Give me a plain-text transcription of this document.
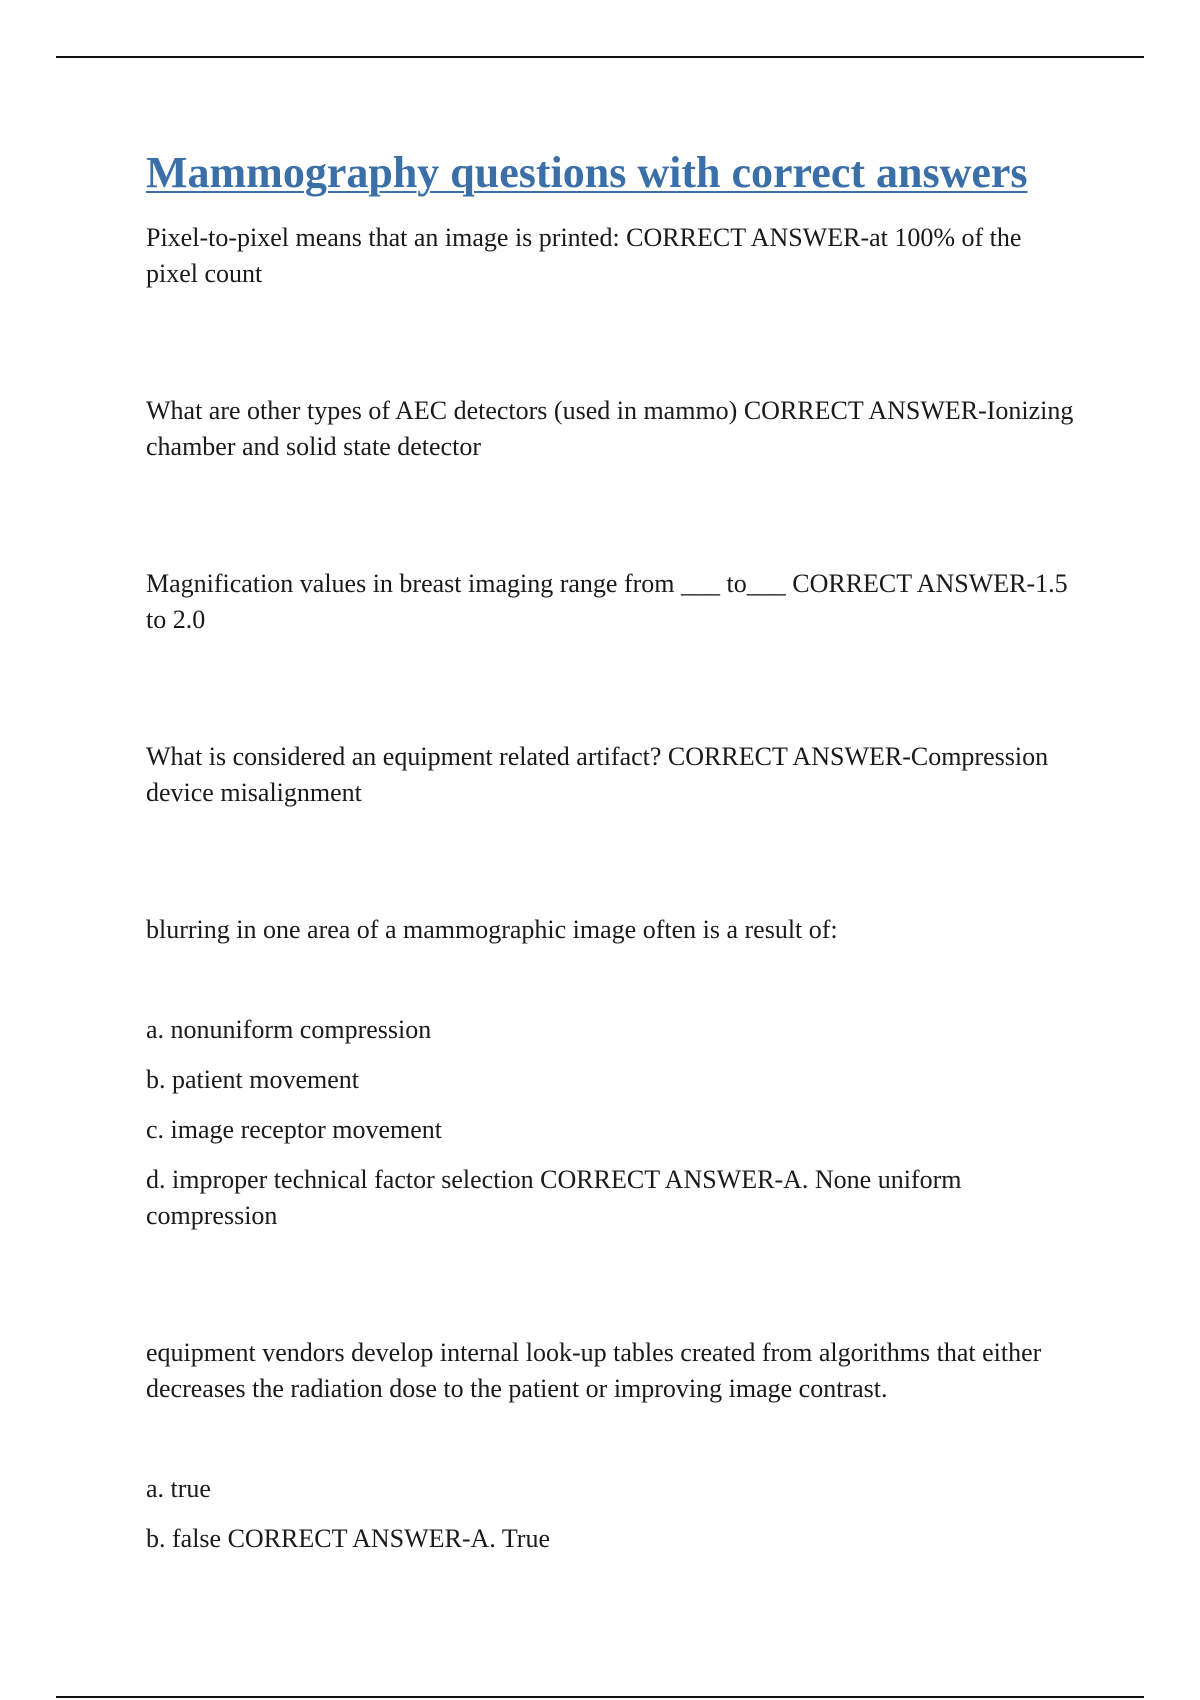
Mammography questions with correct answers

Pixel-to-pixel means that an image is printed: CORRECT ANSWER-at 100% of the pixel count

What are other types of AEC detectors (used in mammo) CORRECT ANSWER-Ionizing chamber and solid state detector

Magnification values in breast imaging range from ___ to___ CORRECT ANSWER-1.5 to 2.0

What is considered an equipment related artifact? CORRECT ANSWER-Compression device misalignment

blurring in one area of a mammographic image often is a result of:

a. nonuniform compression

b. patient movement

c. image receptor movement

d. improper technical factor selection CORRECT ANSWER-A. None uniform compression

equipment vendors develop internal look-up tables created from algorithms that either decreases the radiation dose to the patient or improving image contrast.

a. true

b. false CORRECT ANSWER-A. True
